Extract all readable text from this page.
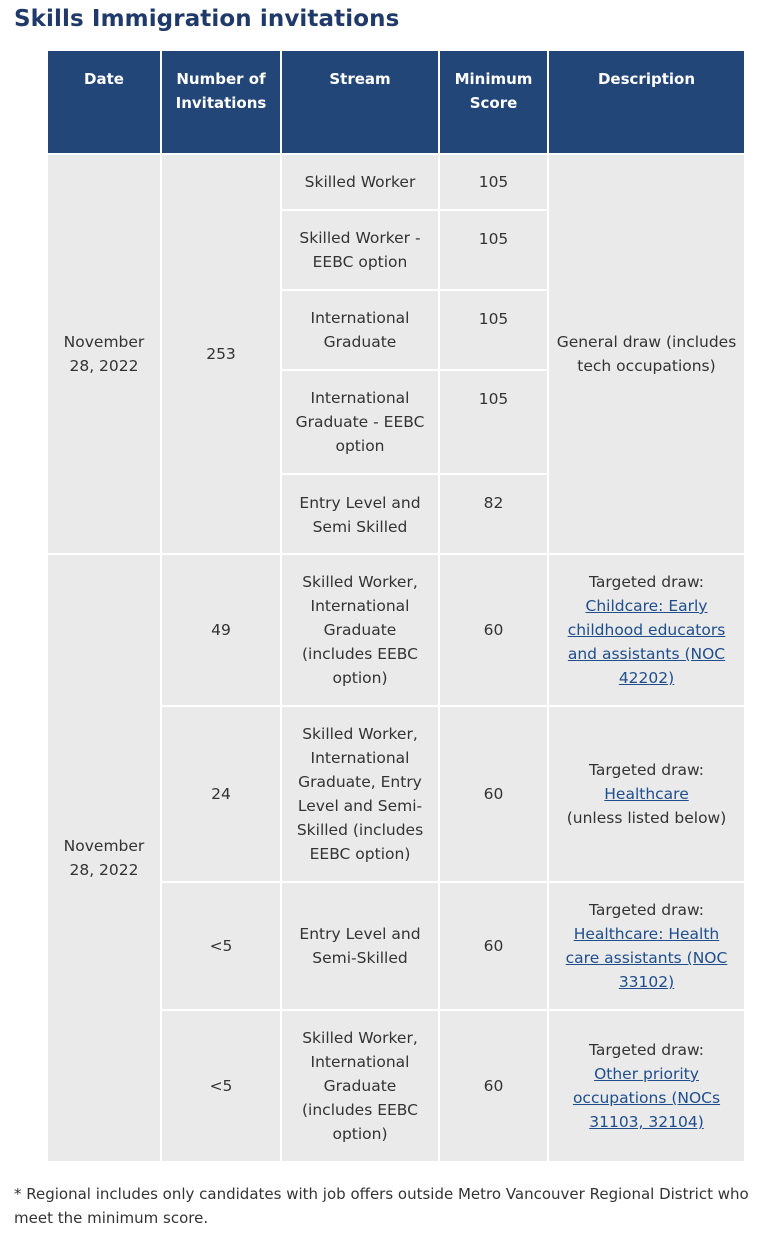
Skills Immigration invitations
Date	Number of Invitations	Stream	Minimum Score	Description
November 28, 2022	253	Skilled Worker	105	General draw (includes tech occupations)
		Skilled Worker - EEBC option	105	
		International Graduate	105	
		International Graduate - EEBC option	105	
		Entry Level and Semi Skilled	82	
November 28, 2022	49	Skilled Worker, International Graduate (includes EEBC option)	60	Targeted draw:
Childcare: Early childhood educators and assistants (NOC 42202)
	24	Skilled Worker, International Graduate, Entry Level and Semi-Skilled (includes EEBC option)	60	Targeted draw:
Healthcare
(unless listed below)

	<5	Entry Level and Semi-Skilled	60	Targeted draw:
Healthcare: Health care assistants (NOC 33102)
	<5	Skilled Worker, International Graduate (includes EEBC option)	60	Targeted draw:
Other priority occupations (NOCs 31103, 32104)
* Regional includes only candidates with job offers outside Metro Vancouver Regional District who meet the minimum score.
